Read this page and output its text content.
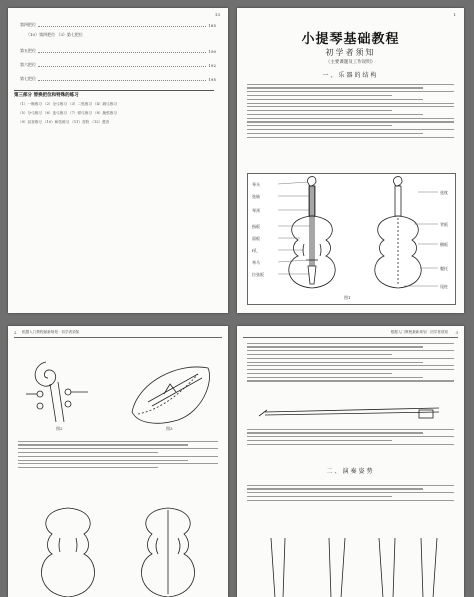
13
第四把位	185
（10）第四把位 （3）第七把位
第五把位	190
第六把位	192
第七把位	195
第三部分 替换把位和特殊的练习
（1）一般练习 （2）全弓练习 （3）二弦练习 （4）跳弓练习
（5）分弓练习 （6）连弓练习 （7）顿弓练习 （8）换弦练习
（9）双音练习 （10）和弦练习 （11）音阶 （12）琶音
1
小提琴基础教程
初学者须知
（主要课题及工作说明）
一、乐器的结构
琴头
弦轴
琴颈
指板
面板
f孔
琴马
拉弦板
弦枕
背板
侧板
腮托
尾柱
图1
2 根据入门教程最新规划 · 初学者须知
图2	图3
根据入门教程最新规划 · 初学者须知 3
二、演奏姿势
